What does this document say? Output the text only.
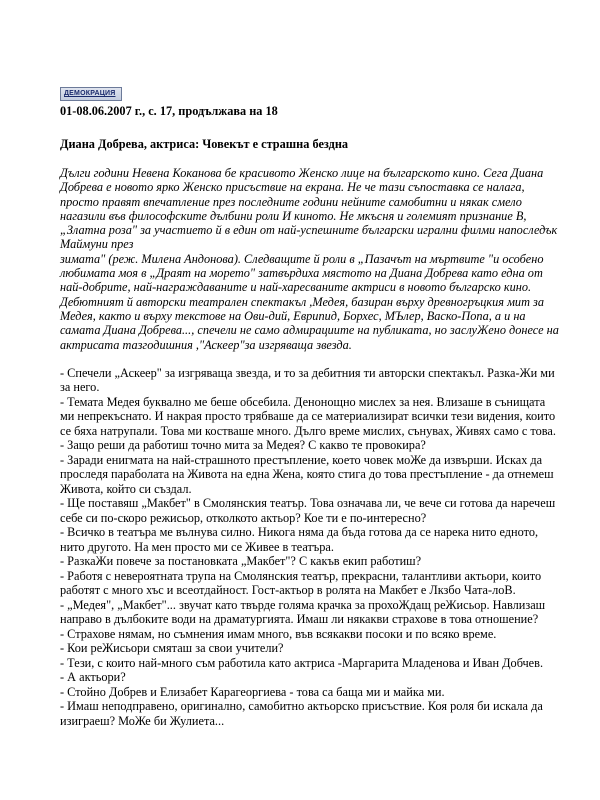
ДЕМОКРАЦИЯ
01-08.06.2007 г., с. 17, продължава на 18
Диана Добрева, актриса: Човекът е страшна бездна

Дълги години Невена Коканова бе красивото Женско лице на българското кино. Сега Диана Добрева е новото ярко Женско присъствие на екрана. Не че тази съпоставка се налага, просто правят впечатление през последните години нейните самобитни и някак смело нагазили във философските дълбини роли И киното. Не мкъсня и големият признание В, „Златна роза" за участието й в един от най-успешните български игрални филми напоследък Маймуни през

зимата" (реж. Милена Андонова). Следващите й роли в „Пазачът на мъртвите "и особено любимата моя в „Драят на морето" затвърдиха мястото на Диана Добрева като една от най-добрите, най-награждаваните и най-харесваните актриси в новото българско кино.

Дебютният й авторски театрален спектакъл ,Медея, базиран върху древногръцкия мит за Медея, както и върху текстове на Ови-дий, Еврипид, Борхес, МЪлер, Васко-Попа, а и на самата Диана Добрева..., спечели не само адмирациите на публиката, но заслуЖено донесе на актрисата тазгодишния ,"Аскеер"за изгряваща звезда.

- Спечели „Аскеер" за изгряваща звезда, и то за дебитния ти авторски спектакъл. Разка-Жи ми за него.

- Темата Медея буквално ме беше обсебила. Денонощно мислех за нея. Влизаше в сънищата ми непрекъснато. И накрая просто трябваше да се материализират всички тези видения, които се бяха натрупали. Това ми костваше много. Дълго време мислих, сънувах, Живях само с това.

- Защо реши да работиш точно мита за Медея? С какво те провокира?

- Заради енигмата на най-страшното престъпление, което човек моЖе да извърши. Исках да проследя параболата на Живота на една Жена, която стига до това престъпление - да отнемеш Живота, който си създал.

- Ще поставяш „Макбет" в Смолянския театър. Това означава ли, че вече си готова да наречеш себе си по-скоро режисьор, отколкото актьор? Кое ти е по-интересно?

- Всичко в театъра ме вълнува силно. Никога няма да бъда готова да се нарека нито едното, нито другото. На мен просто ми се Живее в театъра.

- РазкаЖи повече за постановката „Макбет"? С какъв екип работиш?

- Работя с невероятната трупа на Смолянския театър, прекрасни, талантливи актьори, които работят с много хъс и всеотдайност. Гост-актьор в ролята на Макбет е Лкзбо Чата-лоВ.

- „Медея", „Макбет"... звучат като твърде голяма крачка за прохоЖдащ реЖисьор. Навлизаш направо в дълбоките води на драматургията. Имаш ли някакви страхове в това отношение?

- Страхове нямам, но съмнения имам много, във всякакви посоки и по всяко време.

- Кои реЖисьори смяташ за свои учители?

- Тези, с които най-много съм работила като актриса -Маргарита Младенова и Иван Добчев.

- А актьори?

- Стойно Добрев и Елизабет Карагеоргиева - това са баща ми и майка ми.

- Имаш неподправено, оригинално, самобитно актьорско присъствие. Коя роля би искала да изиграеш? МоЖе би Жулиета...
